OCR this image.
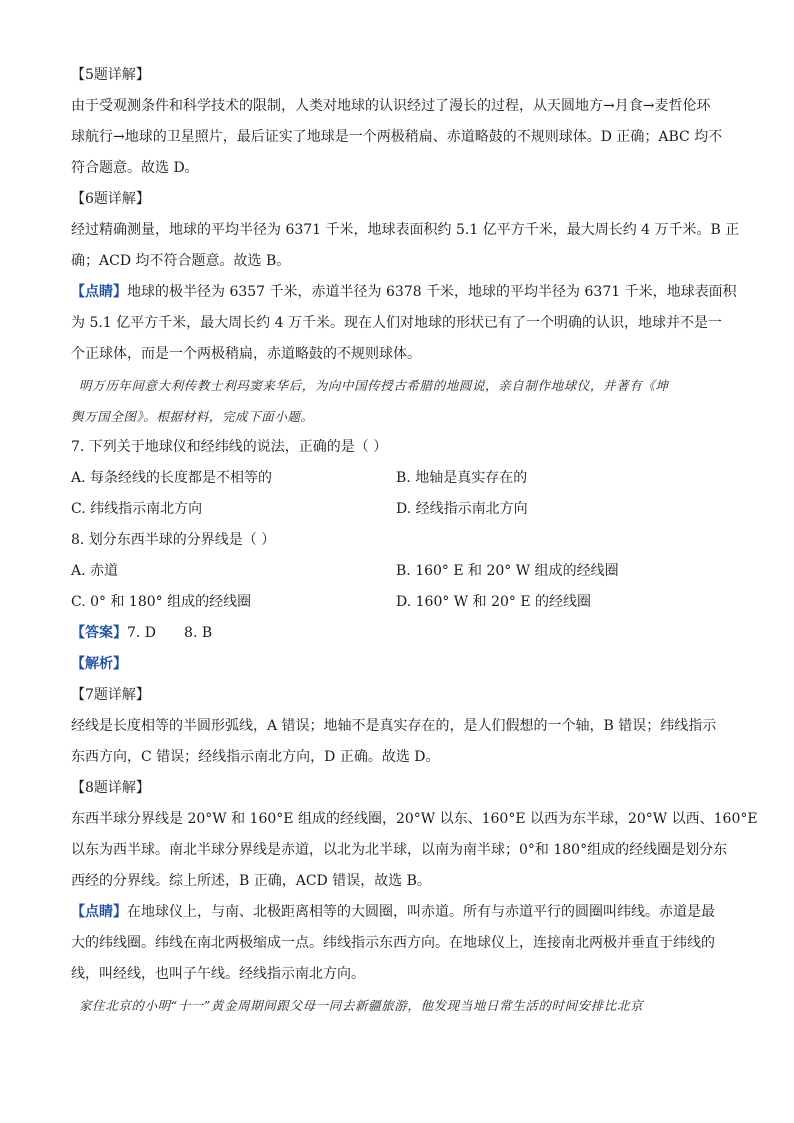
【5题详解】
由于受观测条件和科学技术的限制，人类对地球的认识经过了漫长的过程，从天圆地方→月食→麦哲伦环
球航行→地球的卫星照片，最后证实了地球是一个两极稍扁、赤道略鼓的不规则球体。D 正确；ABC 均不
符合题意。故选 D。
【6题详解】
经过精确测量，地球的平均半径为 6371 千米，地球表面积约 5.1 亿平方千米，最大周长约 4 万千米。B 正
确；ACD 均不符合题意。故选 B。
【点睛】地球的极半径为 6357 千米，赤道半径为 6378 千米，地球的平均半径为 6371 千米，地球表面积
为 5.1 亿平方千米，最大周长约 4 万千米。现在人们对地球的形状已有了一个明确的认识，地球并不是一
个正球体，而是一个两极稍扁，赤道略鼓的不规则球体。
明万历年间意大利传教士利玛窦来华后，为向中国传授古希腊的地圆说，亲自制作地球仪，并著有《坤
舆万国全图》。根据材料，完成下面小题。
7. 下列关于地球仪和经纬线的说法，正确的是（ ）
A. 每条经线的长度都是不相等的	B. 地轴是真实存在的
C. 纬线指示南北方向	D. 经线指示南北方向
8. 划分东西半球的分界线是（ ）
A. 赤道	B. 160° E 和 20° W 组成的经线圈
C. 0° 和 180° 组成的经线圈	D. 160° W 和 20° E 的经线圈
【答案】7. D 8. B
【解析】
【7题详解】
经线是长度相等的半圆形弧线，A 错误；地轴不是真实存在的，是人们假想的一个轴，B 错误；纬线指示
东西方向，C 错误；经线指示南北方向，D 正确。故选 D。
【8题详解】
东西半球分界线是 20°W 和 160°E 组成的经线圈，20°W 以东、160°E 以西为东半球，20°W 以西、160°E
以东为西半球。南北半球分界线是赤道，以北为北半球，以南为南半球；0°和 180°组成的经线圈是划分东
西经的分界线。综上所述，B 正确，ACD 错误，故选 B。
【点睛】在地球仪上，与南、北极距离相等的大圆圈，叫赤道。所有与赤道平行的圆圈叫纬线。赤道是最
大的纬线圈。纬线在南北两极缩成一点。纬线指示东西方向。在地球仪上，连接南北两极并垂直于纬线的
线，叫经线，也叫子午线。经线指示南北方向。
家住北京的小明“十一”黄金周期间跟父母一同去新疆旅游，他发现当地日常生活的时间安排比北京
